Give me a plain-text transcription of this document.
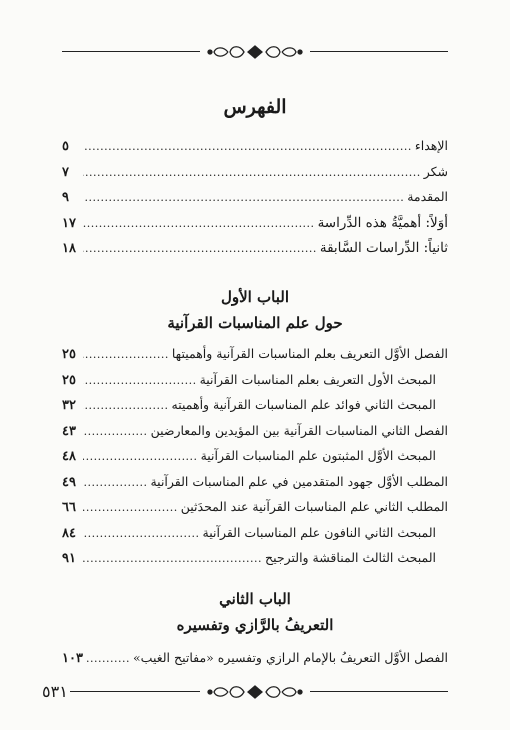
الفهرس
الإهداء
.....
٥
شكر
.....
٧
المقدمة
.....
٩
أوَلاً: أهميَّةُ هذه الدِّراسة
.....
١٧
ثانياً: الدِّراسات السَّابقة
.....
١٨
الباب الأول
حول علم المناسبات القرآنية
الفصل الأوَّل التعريف بعلم المناسبات القرآنية وأهميتها
.....
٢٥
المبحث الأول التعريف بعلم المناسبات القرآنية
.....
٢٥
المبحث الثاني فوائد علم المناسبات القرآنية وأهميته
.....
٣٢
الفصل الثاني المناسبات القرآنية بين المؤيدين والمعارضين
.....
٤٣
المبحث الأوَّل المثبتون علم المناسبات القرآنية
.....
٤٨
المطلب الأوَّل جهود المتقدمين في علم المناسبات القرآنية
.....
٤٩
المطلب الثاني علم المناسبات القرآنية عند المحدَثين
.....
٦٦
المبحث الثاني النافون علم المناسبات القرآنية
.....
٨٤
المبحث الثالث المناقشة والترجيح
.....
٩١
الباب الثاني
التعريفُ بالرَّازي وتفسيره
الفصل الأوَّل التعريفُ بالإمام الرازي وتفسيره «مفاتيح الغيب»
.....
١٠٣
٥٣١
